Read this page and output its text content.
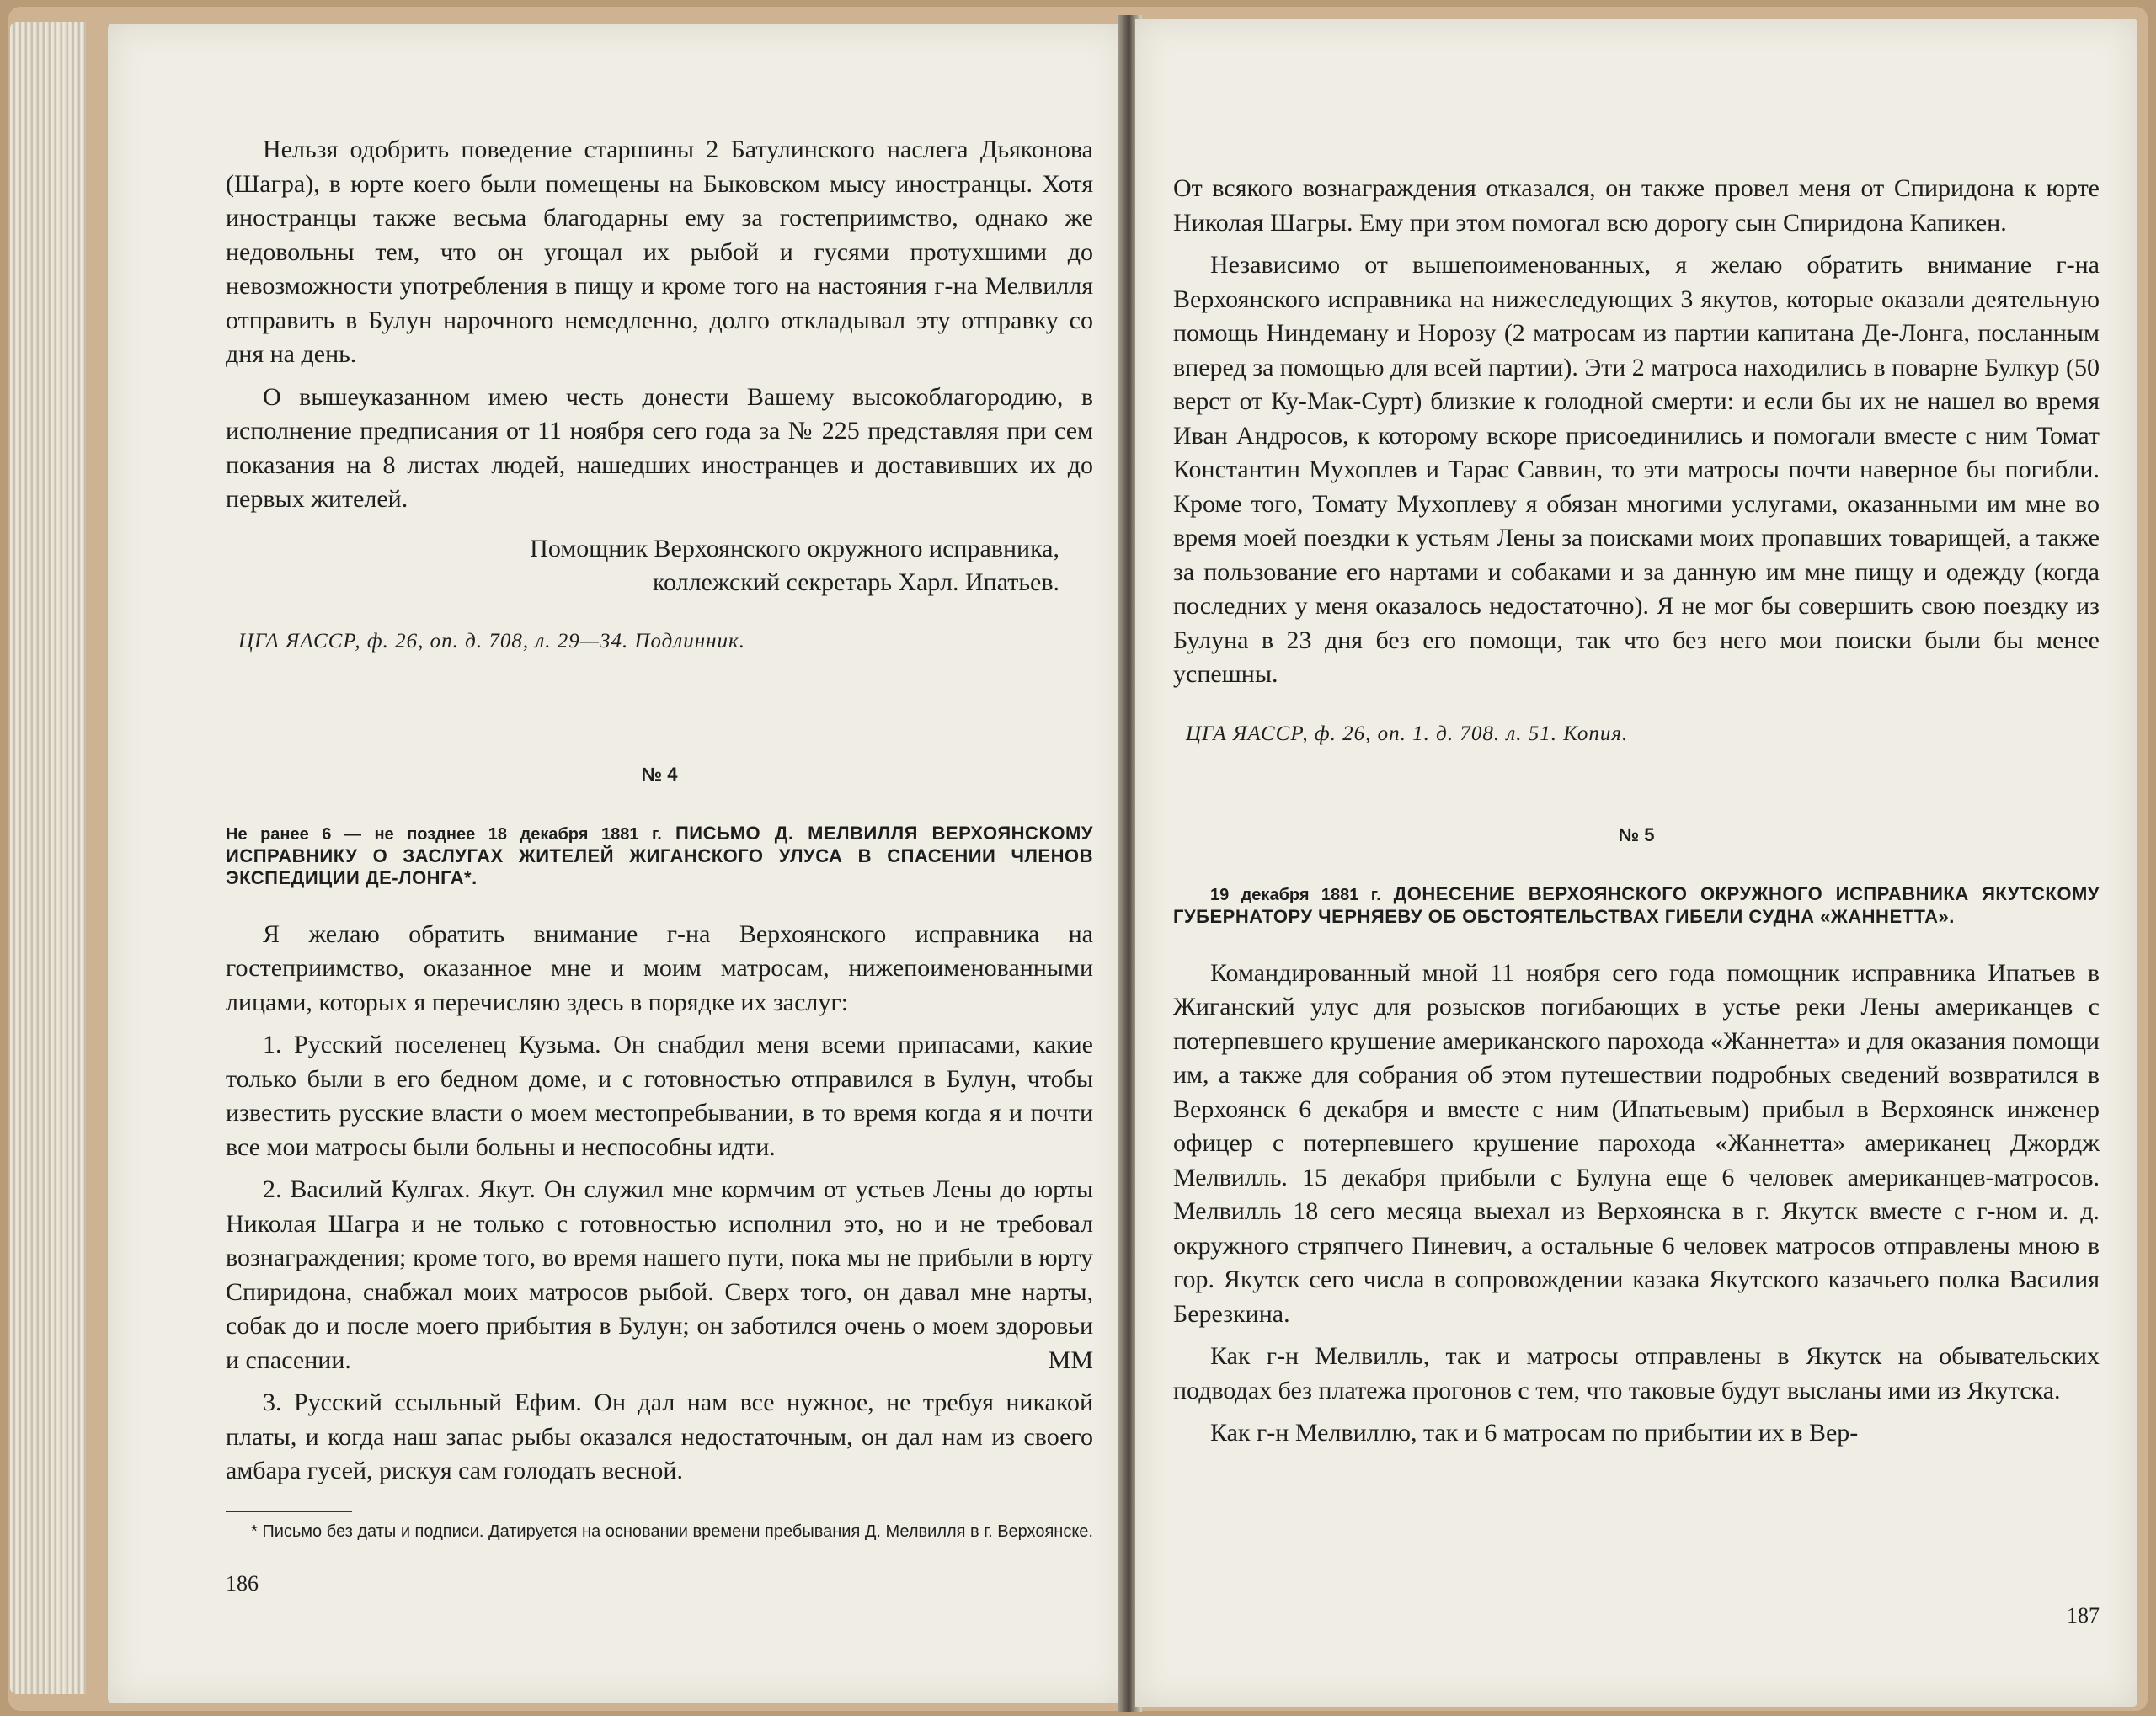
Нельзя одобрить поведение старшины 2 Батулинского наслега Дьяконова (Шагра), в юрте коего были помещены на Быковском мысу иностранцы. Хотя иностранцы также весьма благодарны ему за гостеприимство, однако же недовольны тем, что он угощал их рыбой и гусями протухшими до невозможности употребления в пищу и кроме того на настояния г-на Мелвилля отправить в Булун нарочного немедленно, долго откладывал эту отправку со дня на день.

О вышеуказанном имею честь донести Вашему высокоблагородию, в исполнение предписания от 11 ноября сего года за № 225 представляя при сем показания на 8 листах людей, нашедших иностранцев и доставивших их до первых жителей.

Помощник Верхоянского окружного исправника,
коллежский секретарь Харл. Ипатьев.

ЦГА ЯАССР, ф. 26, оп. д. 708, л. 29—34. Подлинник.

№ 4

Не ранее 6 — не позднее 18 декабря 1881 г. ПИСЬМО Д. МЕЛВИЛЛЯ ВЕРХОЯНСКОМУ ИСПРАВНИКУ О ЗАСЛУГАХ ЖИТЕЛЕЙ ЖИГАНСКОГО УЛУСА В СПАСЕНИИ ЧЛЕНОВ ЭКСПЕДИЦИИ ДЕ-ЛОНГА*.

Я желаю обратить внимание г-на Верхоянского исправника на гостеприимство, оказанное мне и моим матросам, нижепоименованными лицами, которых я перечисляю здесь в порядке их заслуг:

1. Русский поселенец Кузьма. Он снабдил меня всеми припасами, какие только были в его бедном доме, и с готовностью отправился в Булун, чтобы известить русские власти о моем местопребывании, в то время когда я и почти все мои матросы были больны и неспособны идти.

2. Василий Кулгах. Якут. Он служил мне кормчим от устьев Лены до юрты Николая Шагра и не только с готовностью исполнил это, но и не требовал вознаграждения; кроме того, во время нашего пути, пока мы не прибыли в юрту Спиридона, снабжал моих матросов рыбой. Сверх того, он давал мне нарты, собак до и после моего прибытия в Булун; он заботился очень о моем здоровьи и спасении.	ММ

3. Русский ссыльный Ефим. Он дал нам все нужное, не требуя никакой платы, и когда наш запас рыбы оказался недостаточным, он дал нам из своего амбара гусей, рискуя сам голодать весной.

* Письмо без даты и подписи. Датируется на основании времени пребывания Д. Мелвилля в г. Верхоянске.

186

От всякого вознаграждения отказался, он также провел меня от Спиридона к юрте Николая Шагры. Ему при этом помогал всю дорогу сын Спиридона Капикен.

Независимо от вышепоименованных, я желаю обратить внимание г-на Верхоянского исправника на нижеследующих 3 якутов, которые оказали деятельную помощь Ниндеману и Норозу (2 матросам из партии капитана Де-Лонга, посланным вперед за помощью для всей партии). Эти 2 матроса находились в поварне Булкур (50 верст от Ку-Мак-Сурт) близкие к голодной смерти: и если бы их не нашел во время Иван Андросов, к которому вскоре присоединились и помогали вместе с ним Томат Константин Мухоплев и Тарас Саввин, то эти матросы почти наверное бы погибли. Кроме того, Томату Мухоплеву я обязан многими услугами, оказанными им мне во время моей поездки к устьям Лены за поисками моих пропавших товарищей, а также за пользование его нартами и собаками и за данную им мне пищу и одежду (когда последних у меня оказалось недостаточно). Я не мог бы совершить свою поездку из Булуна в 23 дня без его помощи, так что без него мои поиски были бы менее успешны.

ЦГА ЯАССР, ф. 26, оп. 1. д. 708. л. 51. Копия.

№ 5

19 декабря 1881 г. ДОНЕСЕНИЕ ВЕРХОЯНСКОГО ОКРУЖНОГО ИСПРАВНИКА ЯКУТСКОМУ ГУБЕРНАТОРУ ЧЕРНЯЕВУ ОБ ОБСТОЯТЕЛЬСТВАХ ГИБЕЛИ СУДНА «ЖАННЕТТА».

Командированный мной 11 ноября сего года помощник исправника Ипатьев в Жиганский улус для розысков погибающих в устье реки Лены американцев с потерпевшего крушение американского парохода «Жаннетта» и для оказания помощи им, а также для собрания об этом путешествии подробных сведений возвратился в Верхоянск 6 декабря и вместе с ним (Ипатьевым) прибыл в Верхоянск инженер офицер с потерпевшего крушение парохода «Жаннетта» американец Джордж Мелвилль. 15 декабря прибыли с Булуна еще 6 человек американцев-матросов. Мелвилль 18 сего месяца выехал из Верхоянска в г. Якутск вместе с г-ном и. д. окружного стряпчего Пиневич, а остальные 6 человек матросов отправлены мною в гор. Якутск сего числа в сопровождении казака Якутского казачьего полка Василия Березкина.

Как г-н Мелвилль, так и матросы отправлены в Якутск на обывательских подводах без платежа прогонов с тем, что таковые будут высланы ими из Якутска.

Как г-н Мелвиллю, так и 6 матросам по прибытии их в Вер-

187
